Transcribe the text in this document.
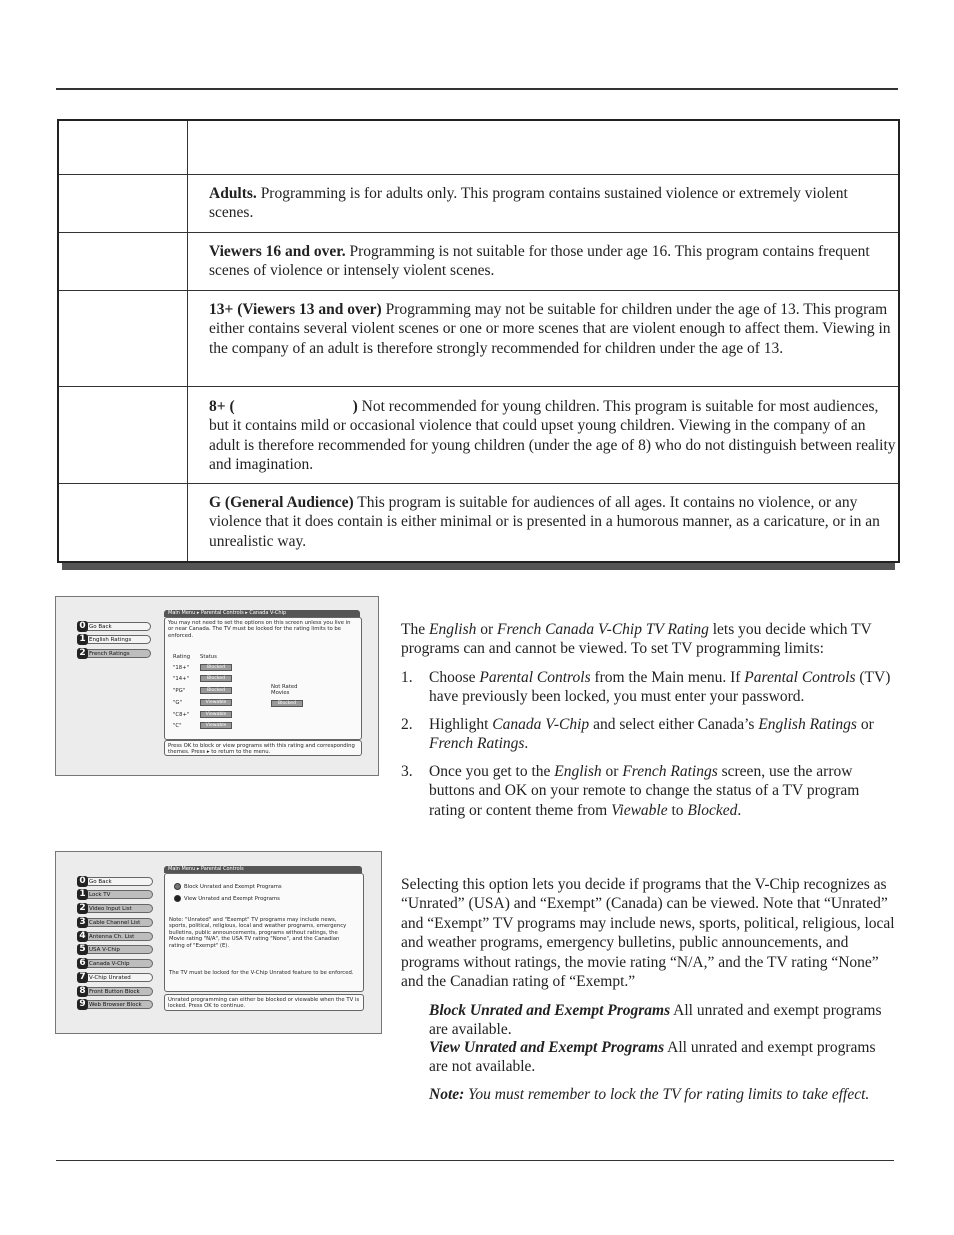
Adults. Programming is for adults only. This program contains sustained violence or extremely violent scenes.
Viewers 16 and over. Programming is not suitable for those under age 16. This program contains frequent scenes of violence or intensely violent scenes.
13+ (Viewers 13 and over) Programming may not be suitable for children under the age of 13. This program either contains several violent scenes or one or more scenes that are violent enough to affect them. Viewing in the company of an adult is therefore strongly recommended for children under the age of 13.
8+ (	) Not recommended for young children. This program is suitable for most audiences, but it contains mild or occasional violence that could upset young children. Viewing in the company of an adult is therefore recommended for young children (under the age of 8) who do not distinguish between reality and imagination.
G (General Audience) This program is suitable for audiences of all ages. It contains no violence, or any violence that it does contain is either minimal or is presented in a humorous manner, as a caricature, or in an unrealistic way.
0 Go Back
1 English Ratings
2 French Ratings
Main Menu ▸ Parental Controls ▸ Canada V-Chip
You may not need to set the options on this screen unless you live in or near Canada. The TV must be locked for the rating limits to be enforced.
Rating Status
"18+"	Blocked
"14+"	Blocked
"PG"	Blocked
"G"	Viewable
"C8+"	Viewable
"C"	Viewable
Not Rated Movies
Blocked
Press OK to block or view programs with this rating and corresponding themes. Press ▸ to return to the menu.
The English or French Canada V-Chip TV Rating lets you decide which TV programs can and cannot be viewed. To set TV programming limits:
1. Choose Parental Controls from the Main menu. If Parental Controls (TV) have previously been locked, you must enter your password.
2. Highlight Canada V-Chip and select either Canada’s English Ratings or French Ratings.
3. Once you get to the English or French Ratings screen, use the arrow buttons and OK on your remote to change the status of a TV program rating or content theme from Viewable to Blocked.
0 Go Back
1 Lock TV
2 Video Input List
3 Cable Channel List
4 Antenna Ch. List
5 USA V-Chip
6 Canada V-Chip
7 V-Chip Unrated
8 Front Button Block
9 Web Browser Block
Main Menu ▸ Parental Controls
Block Unrated and Exempt Programs
View Unrated and Exempt Programs
Note: "Unrated" and "Exempt" TV programs may include news, sports, political, religious, local and weather programs, emergency bulletins, public announcements, programs without ratings, the Movie rating "N/A", the USA TV rating "None", and the Canadian rating of "Exempt" (E).
The TV must be locked for the V-Chip Unrated feature to be enforced.
Unrated programming can either be blocked or viewable when the TV is locked. Press OK to continue.
Selecting this option lets you decide if programs that the V-Chip recognizes as “Unrated” (USA) and “Exempt” (Canada) can be viewed. Note that “Unrated” and “Exempt” TV programs may include news, sports, political, religious, local and weather programs, emergency bulletins, public announcements, and programs without ratings, the movie rating “N/A,” and the TV rating “None” and the Canadian rating of “Exempt.”
Block Unrated and Exempt Programs All unrated and exempt programs are available.
View Unrated and Exempt Programs All unrated and exempt programs are not available.
Note: You must remember to lock the TV for rating limits to take effect.
